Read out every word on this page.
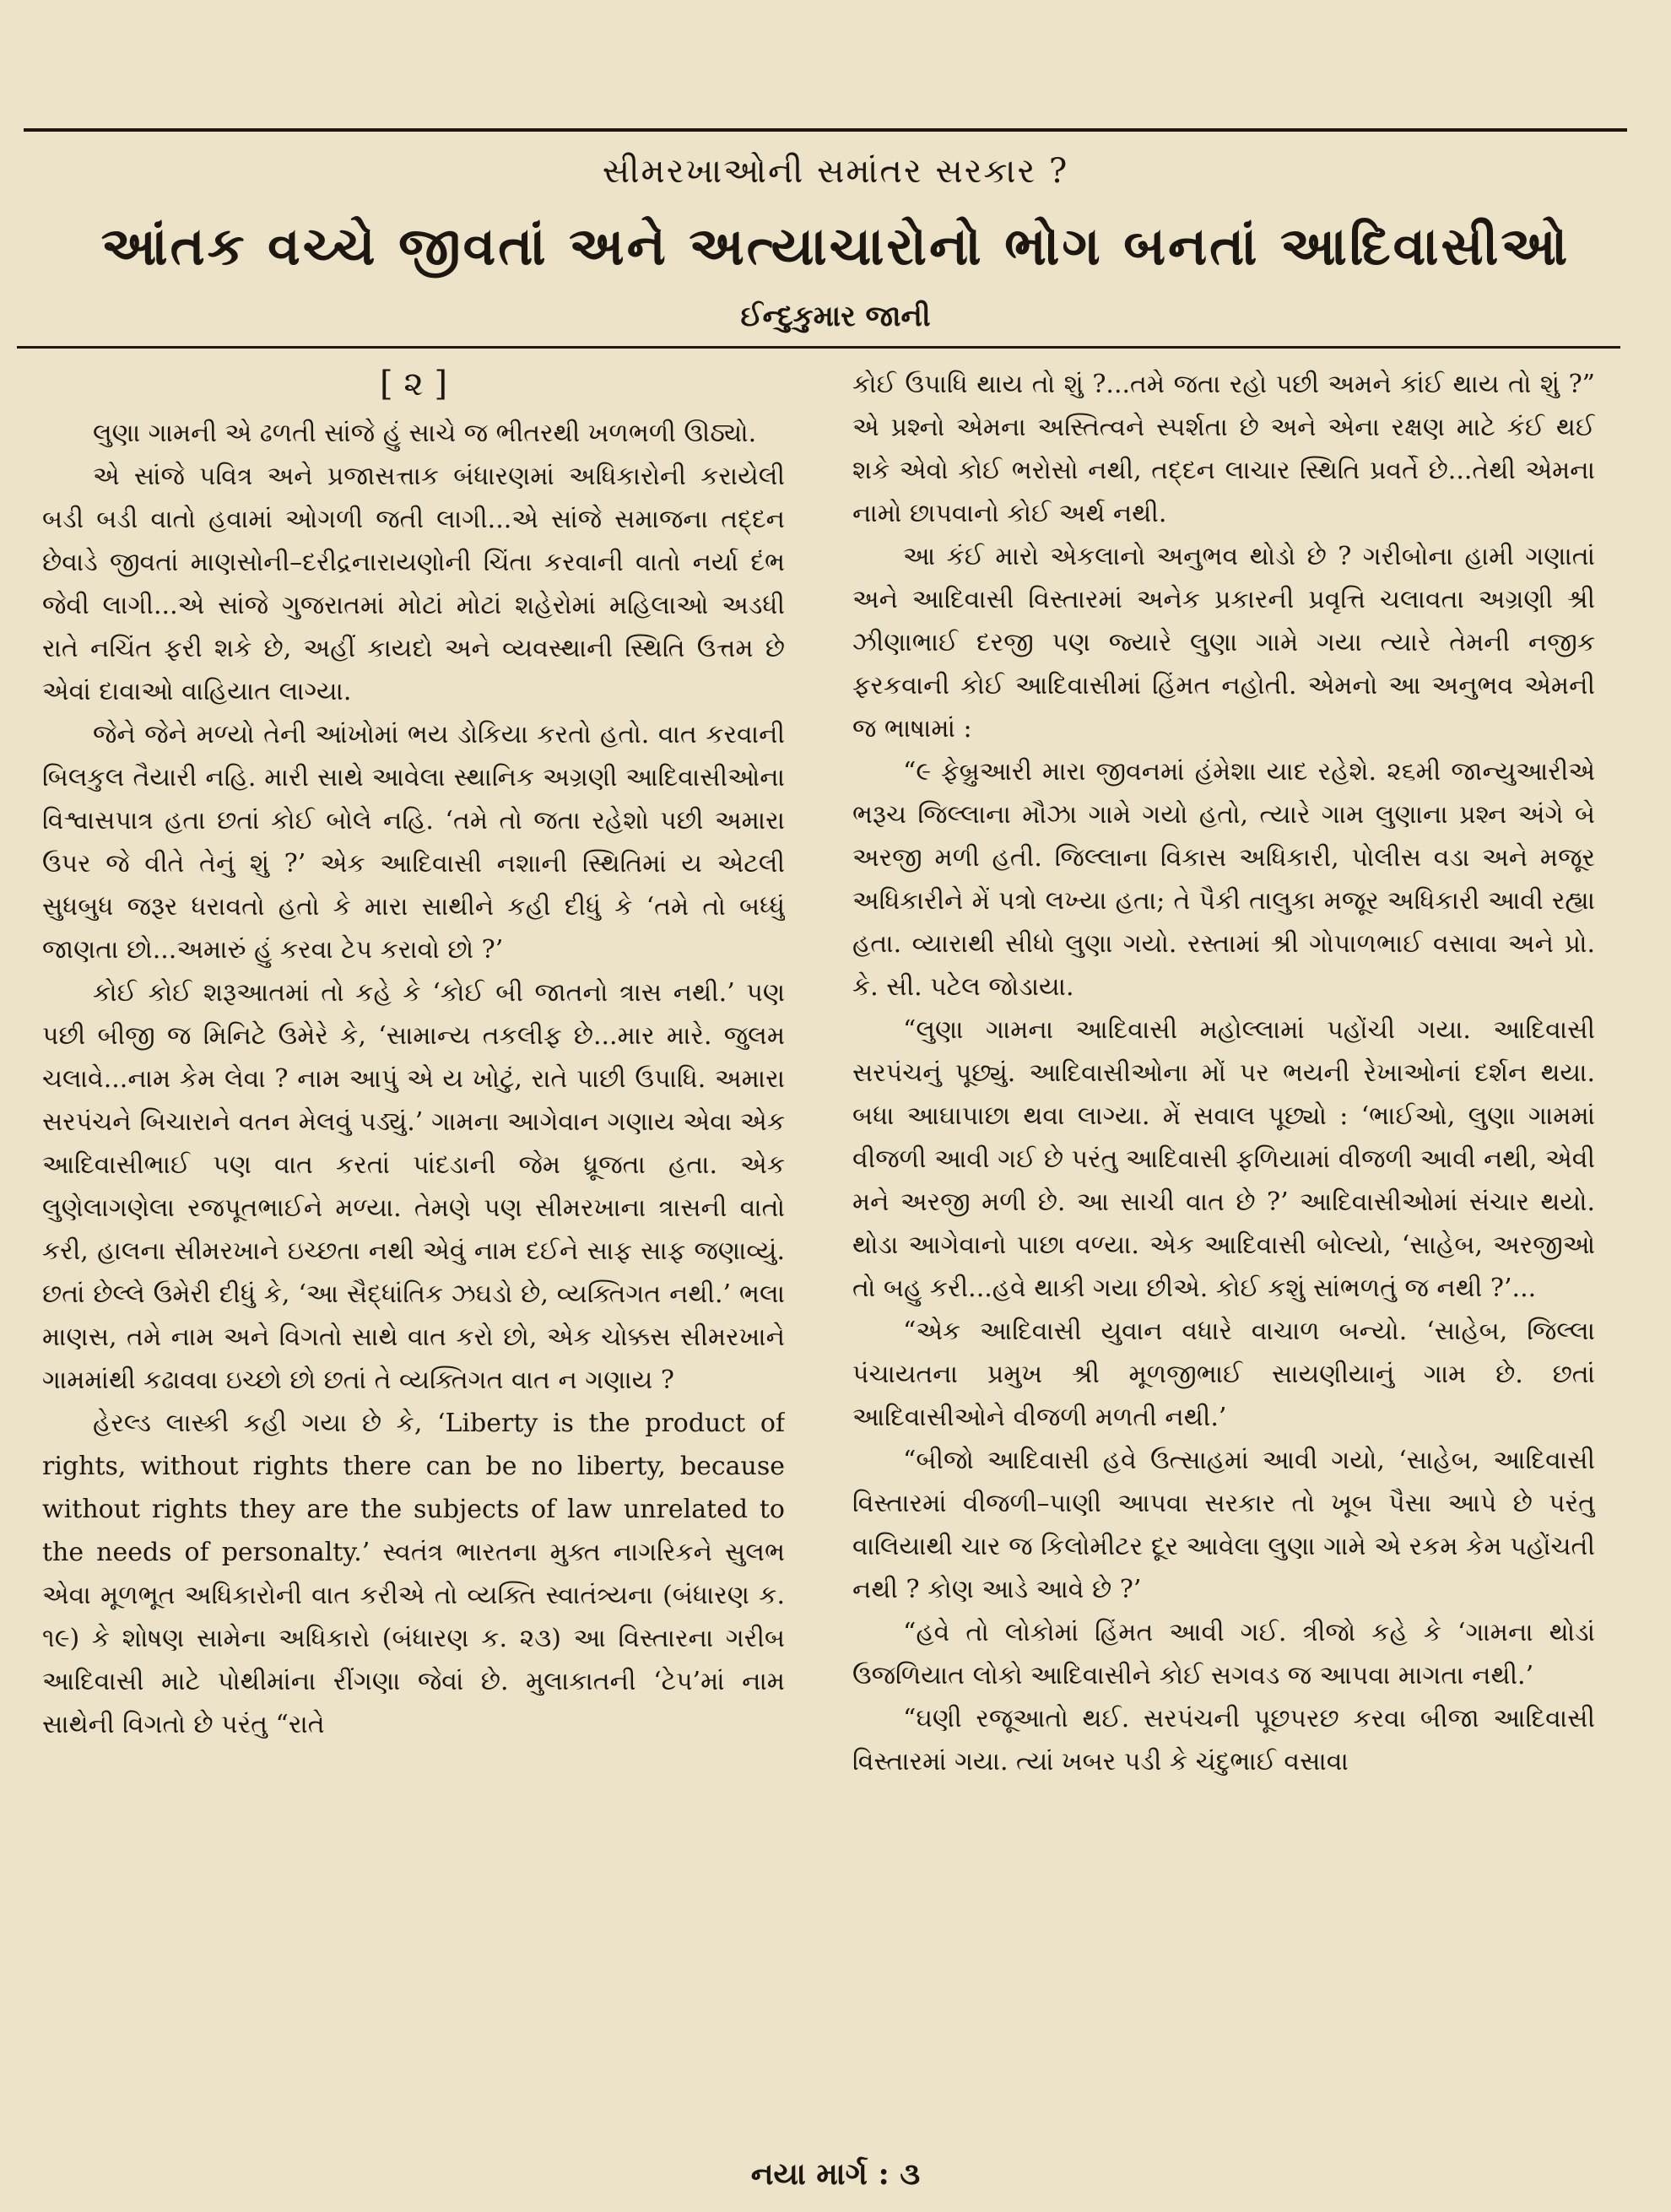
સીમરખાઓની સમાંતર સરકાર ?
આંતક વચ્ચે જીવતાં અને અત્યાચારોનો ભોગ બનતાં આદિવાસીઓ
ઈન્દુકુમાર જાની
[ ૨ ]

લુણા ગામની એ ઢળતી સાંજે હું સાચે જ ભીતરથી ખળભળી ઊઠ્યો.

એ સાંજે પવિત્ર અને પ્રજાસત્તાક બંધારણમાં અધિકારોની કરાયેલી બડી બડી વાતો હવામાં ઓગળી જતી લાગી...એ સાંજે સમાજના તદ્દન છેવાડે જીવતાં માણસોની–દરીદ્રનારાયણોની ચિંતા કરવાની વાતો નર્યા દંભ જેવી લાગી...એ સાંજે ગુજરાતમાં મોટાં મોટાં શહેરોમાં મહિલાઓ અડધી રાતે નચિંત ફરી શકે છે, અહીં કાયદો અને વ્યવસ્થાની સ્થિતિ ઉત્તમ છે એવાં દાવાઓ વાહિયાત લાગ્યા.

જેને જેને મળ્યો તેની આંખોમાં ભય ડોકિયા કરતો હતો. વાત કરવાની બિલકુલ તૈયારી નહિ. મારી સાથે આવેલા સ્થાનિક અગ્રણી આદિવાસીઓના વિશ્વાસપાત્ર હતા છતાં કોઈ બોલે નહિ. ‘તમે તો જતા રહેશો પછી અમારા ઉપર જે વીતે તેનું શું ?’ એક આદિવાસી નશાની સ્થિતિમાં ય એટલી સુધબુધ જરૂર ધરાવતો હતો કે મારા સાથીને કહી દીધું કે ‘તમે તો બધ્ધું જાણતા છો...અમારું હું કરવા ટેપ કરાવો છો ?’

કોઈ કોઈ શરૂઆતમાં તો કહે કે ‘કોઈ બી જાતનો ત્રાસ નથી.’ પણ પછી બીજી જ મિનિટે ઉમેરે કે, ‘સામાન્ય તકલીફ છે...માર મારે. જુલમ ચલાવે...નામ કેમ લેવા ? નામ આપું એ ય ખોટું, રાતે પાછી ઉપાધિ. અમારા સરપંચને બિચારાને વતન મેલવું પડ્યું.’ ગામના આગેવાન ગણાય એવા એક આદિવાસીભાઈ પણ વાત કરતાં પાંદડાની જેમ ધ્રૂજતા હતા. એક લુણેલાગણેલા રજપૂતભાઈને મળ્યા. તેમણે પણ સીમરખાના ત્રાસની વાતો કરી, હાલના સીમરખાને ઇચ્છતા નથી એવું નામ દઈને સાફ સાફ જણાવ્યું. છતાં છેલ્લે ઉમેરી દીધું કે, ‘આ સૈદ્ધાંતિક ઝઘડો છે, વ્યક્તિગત નથી.’ ભલા માણસ, તમે નામ અને વિગતો સાથે વાત કરો છો, એક ચોક્કસ સીમરખાને ગામમાંથી કઢાવવા ઇચ્છો છો છતાં તે વ્યક્તિગત વાત ન ગણાય ?

હેરલ્ડ લાસ્કી કહી ગયા છે કે, ‘Liberty is the product of rights, without rights there can be no liberty, because without rights they are the subjects of law unrelated to the needs of personalty.’ સ્વતંત્ર ભારતના મુક્ત નાગરિકને સુલભ એવા મૂળભૂત અધિકારોની વાત કરીએ તો વ્યક્તિ સ્વાતંત્ર્યના (બંધારણ ક. ૧૯) કે શોષણ સામેના અધિકારો (બંધારણ ક. ૨૩) આ વિસ્તારના ગરીબ આદિવાસી માટે પોથીમાંના રીંગણા જેવાં છે. મુલાકાતની ‘ટેપ’માં નામ સાથેની વિગતો છે પરંતુ “રાતે

કોઈ ઉપાધિ થાય તો શું ?...તમે જતા રહો પછી અમને કાંઈ થાય તો શું ?” એ પ્રશ્નો એમના અસ્તિત્વને સ્પર્શતા છે અને એના રક્ષણ માટે કંઈ થઈ શકે એવો કોઈ ભરોસો નથી, તદ્દન લાચાર સ્થિતિ પ્રવર્તે છે...તેથી એમના નામો છાપવાનો કોઈ અર્થ નથી.

આ કંઈ મારો એકલાનો અનુભવ થોડો છે ? ગરીબોના હામી ગણાતાં અને આદિવાસી વિસ્તારમાં અનેક પ્રકારની પ્રવૃત્તિ ચલાવતા અગ્રણી શ્રી ઝીણાભાઈ દરજી પણ જ્યારે લુણા ગામે ગયા ત્યારે તેમની નજીક ફરકવાની કોઈ આદિવાસીમાં હિંમત નહોતી. એમનો આ અનુભવ એમની જ ભાષામાં :

“૯ ફેબ્રુઆરી મારા જીવનમાં હંમેશા યાદ રહેશે. ૨૬મી જાન્યુઆરીએ ભરૂચ જિલ્લાના મૌઝા ગામે ગયો હતો, ત્યારે ગામ લુણાના પ્રશ્ન અંગે બે અરજી મળી હતી. જિલ્લાના વિકાસ અધિકારી, પોલીસ વડા અને મજૂર અધિકારીને મેં પત્રો લખ્યા હતા; તે પૈકી તાલુકા મજૂર અધિકારી આવી રહ્યા હતા. વ્યારાથી સીધો લુણા ગયો. રસ્તામાં શ્રી ગોપાળભાઈ વસાવા અને પ્રો. કે. સી. પટેલ જોડાયા.

“લુણા ગામના આદિવાસી મહોલ્લામાં પહોંચી ગયા. આદિવાસી સરપંચનું પૂછ્યું. આદિવાસીઓના મોં પર ભયની રેખાઓનાં દર્શન થયા. બધા આઘાપાછા થવા લાગ્યા. મેં સવાલ પૂછ્યો : ‘ભાઈઓ, લુણા ગામમાં વીજળી આવી ગઈ છે પરંતુ આદિવાસી ફળિયામાં વીજળી આવી નથી, એવી મને અરજી મળી છે. આ સાચી વાત છે ?’ આદિવાસીઓમાં સંચાર થયો. થોડા આગેવાનો પાછા વળ્યા. એક આદિવાસી બોલ્યો, ‘સાહેબ, અરજીઓ તો બહુ કરી...હવે થાકી ગયા છીએ. કોઈ કશું સાંભળતું જ નથી ?’...

“એક આદિવાસી યુવાન વધારે વાચાળ બન્યો. ‘સાહેબ, જિલ્લા પંચાયતના પ્રમુખ શ્રી મૂળજીભાઈ સાયણીયાનું ગામ છે. છતાં આદિવાસીઓને વીજળી મળતી નથી.’

“બીજો આદિવાસી હવે ઉત્સાહમાં આવી ગયો, ‘સાહેબ, આદિવાસી વિસ્તારમાં વીજળી–પાણી આપવા સરકાર તો ખૂબ પૈસા આપે છે પરંતુ વાલિયાથી ચાર જ કિલોમીટર દૂર આવેલા લુણા ગામે એ રકમ કેમ પહોંચતી નથી ? કોણ આડે આવે છે ?’

“હવે તો લોકોમાં હિંમત આવી ગઈ. ત્રીજો કહે કે ‘ગામના થોડાં ઉજળિયાત લોકો આદિવાસીને કોઈ સગવડ જ આપવા માગતા નથી.’

“ઘણી રજૂઆતો થઈ. સરપંચની પૂછપરછ કરવા બીજા આદિવાસી વિસ્તારમાં ગયા. ત્યાં ખબર પડી કે ચંદુભાઈ વસાવા

નયા માર્ગ : ૩
